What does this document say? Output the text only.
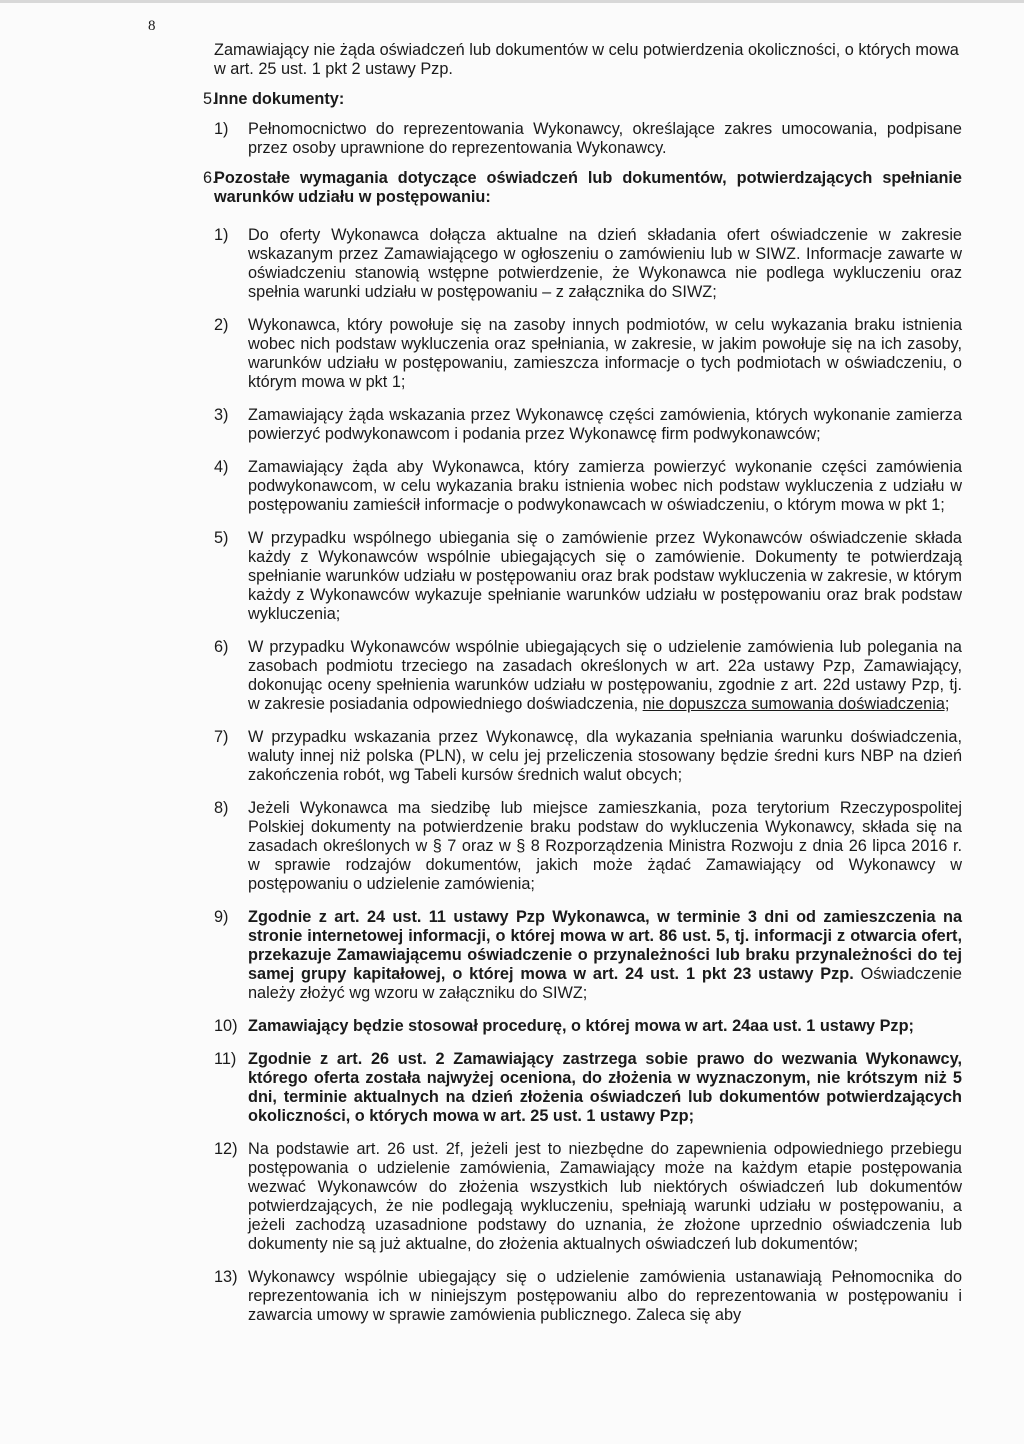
8

Zamawiający nie żąda oświadczeń lub dokumentów w celu potwierdzenia okoliczności, o których mowa w art. 25 ust. 1 pkt 2 ustawy Pzp.

5.
Inne dokumenty:
1)	Pełnomocnictwo do reprezentowania Wykonawcy, określające zakres umocowania, podpisane przez osoby uprawnione do reprezentowania Wykonawcy.

6.
Pozostałe wymagania dotyczące oświadczeń lub dokumentów, potwierdzających spełnianie warunków udziału w postępowaniu:
1)	Do oferty Wykonawca dołącza aktualne na dzień składania ofert oświadczenie w zakresie wskazanym przez Zamawiającego w ogłoszeniu o zamówieniu lub w SIWZ. Informacje zawarte w oświadczeniu stanowią wstępne potwierdzenie, że Wykonawca nie podlega wykluczeniu oraz spełnia warunki udziału w postępowaniu – z załącznika do SIWZ;

2)	Wykonawca, który powołuje się na zasoby innych podmiotów, w celu wykazania braku istnienia wobec nich podstaw wykluczenia oraz spełniania, w zakresie, w jakim powołuje się na ich zasoby, warunków udziału w postępowaniu, zamieszcza informacje o tych podmiotach w oświadczeniu, o którym mowa w pkt 1;

3)	Zamawiający żąda wskazania przez Wykonawcę części zamówienia, których wykonanie zamierza powierzyć podwykonawcom i podania przez Wykonawcę firm podwykonawców;

4)	Zamawiający żąda aby Wykonawca, który zamierza powierzyć wykonanie części zamówienia podwykonawcom, w celu wykazania braku istnienia wobec nich podstaw wykluczenia z udziału w postępowaniu zamieścił informacje o podwykonawcach w oświadczeniu, o którym mowa w pkt 1;

5)	W przypadku wspólnego ubiegania się o zamówienie przez Wykonawców oświadczenie składa każdy z Wykonawców wspólnie ubiegających się o zamówienie. Dokumenty te potwierdzają spełnianie warunków udziału w postępowaniu oraz brak podstaw wykluczenia w zakresie, w którym każdy z Wykonawców wykazuje spełnianie warunków udziału w postępowaniu oraz brak podstaw wykluczenia;

6)	W przypadku Wykonawców wspólnie ubiegających się o udzielenie zamówienia lub polegania na zasobach podmiotu trzeciego na zasadach określonych w art. 22a ustawy Pzp, Zamawiający, dokonując oceny spełnienia warunków udziału w postępowaniu, zgodnie z art. 22d ustawy Pzp, tj. w zakresie posiadania odpowiedniego doświadczenia, nie dopuszcza sumowania doświadczenia;

7)	W przypadku wskazania przez Wykonawcę, dla wykazania spełniania warunku doświadczenia, waluty innej niż polska (PLN), w celu jej przeliczenia stosowany będzie średni kurs NBP na dzień zakończenia robót, wg Tabeli kursów średnich walut obcych;

8)	Jeżeli Wykonawca ma siedzibę lub miejsce zamieszkania, poza terytorium Rzeczypospolitej Polskiej dokumenty na potwierdzenie braku podstaw do wykluczenia Wykonawcy, składa się na zasadach określonych w § 7 oraz w § 8 Rozporządzenia Ministra Rozwoju z dnia 26 lipca 2016 r. w sprawie rodzajów dokumentów, jakich może żądać Zamawiający od Wykonawcy w postępowaniu o udzielenie zamówienia;

9)	Zgodnie z art. 24 ust. 11 ustawy Pzp Wykonawca, w terminie 3 dni od zamieszczenia na stronie internetowej informacji, o której mowa w art. 86 ust. 5, tj. informacji z otwarcia ofert, przekazuje Zamawiającemu oświadczenie o przynależności lub braku przynależności do tej samej grupy kapitałowej, o której mowa w art. 24 ust. 1 pkt 23 ustawy Pzp. Oświadczenie należy złożyć wg wzoru w załączniku do SIWZ;

10) Zamawiający będzie stosował procedurę, o której mowa w art. 24aa ust. 1 ustawy Pzp;

11) Zgodnie z art. 26 ust. 2 Zamawiający zastrzega sobie prawo do wezwania Wykonawcy, którego oferta została najwyżej oceniona, do złożenia w wyznaczonym, nie krótszym niż 5 dni, terminie aktualnych na dzień złożenia oświadczeń lub dokumentów potwierdzających okoliczności, o których mowa w art. 25 ust. 1 ustawy Pzp;

12) Na podstawie art. 26 ust. 2f, jeżeli jest to niezbędne do zapewnienia odpowiedniego przebiegu postępowania o udzielenie zamówienia, Zamawiający może na każdym etapie postępowania wezwać Wykonawców do złożenia wszystkich lub niektórych oświadczeń lub dokumentów potwierdzających, że nie podlegają wykluczeniu, spełniają warunki udziału w postępowaniu, a jeżeli zachodzą uzasadnione podstawy do uznania, że złożone uprzednio oświadczenia lub dokumenty nie są już aktualne, do złożenia aktualnych oświadczeń lub dokumentów;

13) Wykonawcy wspólnie ubiegający się o udzielenie zamówienia ustanawiają Pełnomocnika do reprezentowania ich w niniejszym postępowaniu albo do reprezentowania w postępowaniu i zawarcia umowy w sprawie zamówienia publicznego. Zaleca się aby
